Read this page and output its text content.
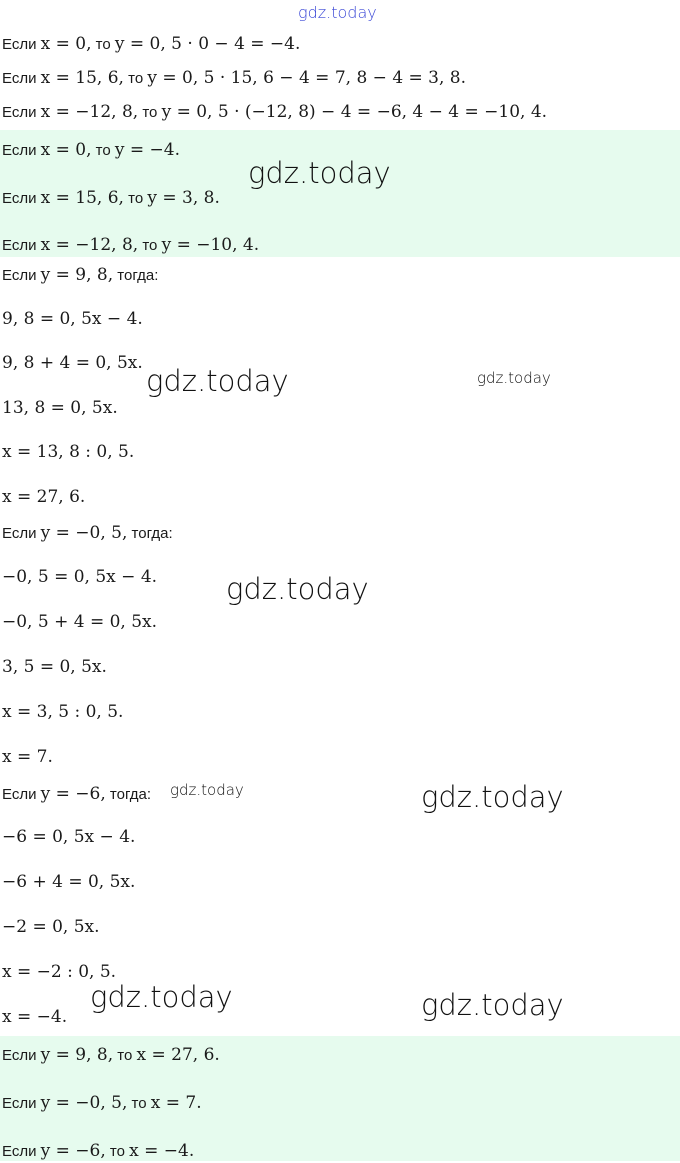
gdz.today
Если x = 0, то y = 0, 5 · 0 − 4 = −4.
Если x = 15, 6, то y = 0, 5 · 15, 6 − 4 = 7, 8 − 4 = 3, 8.
Если x = −12, 8, то y = 0, 5 · (−12, 8) − 4 = −6, 4 − 4 = −10, 4.
Если x = 0, то y = −4.
Если x = 15, 6, то y = 3, 8.
Если x = −12, 8, то y = −10, 4.
Если y = 9, 8, тогда:
9, 8 = 0, 5x − 4.
9, 8 + 4 = 0, 5x.
13, 8 = 0, 5x.
x = 13, 8 : 0, 5.
x = 27, 6.
Если y = −0, 5, тогда:
−0, 5 = 0, 5x − 4.
−0, 5 + 4 = 0, 5x.
3, 5 = 0, 5x.
x = 3, 5 : 0, 5.
x = 7.
Если y = −6, тогда:
−6 = 0, 5x − 4.
−6 + 4 = 0, 5x.
−2 = 0, 5x.
x = −2 : 0, 5.
x = −4.
Если y = 9, 8, то x = 27, 6.
Если y = −0, 5, то x = 7.
Если y = −6, то x = −4.
gdz.today
gdz.today	gdz.today
gdz.today
gdz.today	gdz.today
gdz.today	gdz.today
